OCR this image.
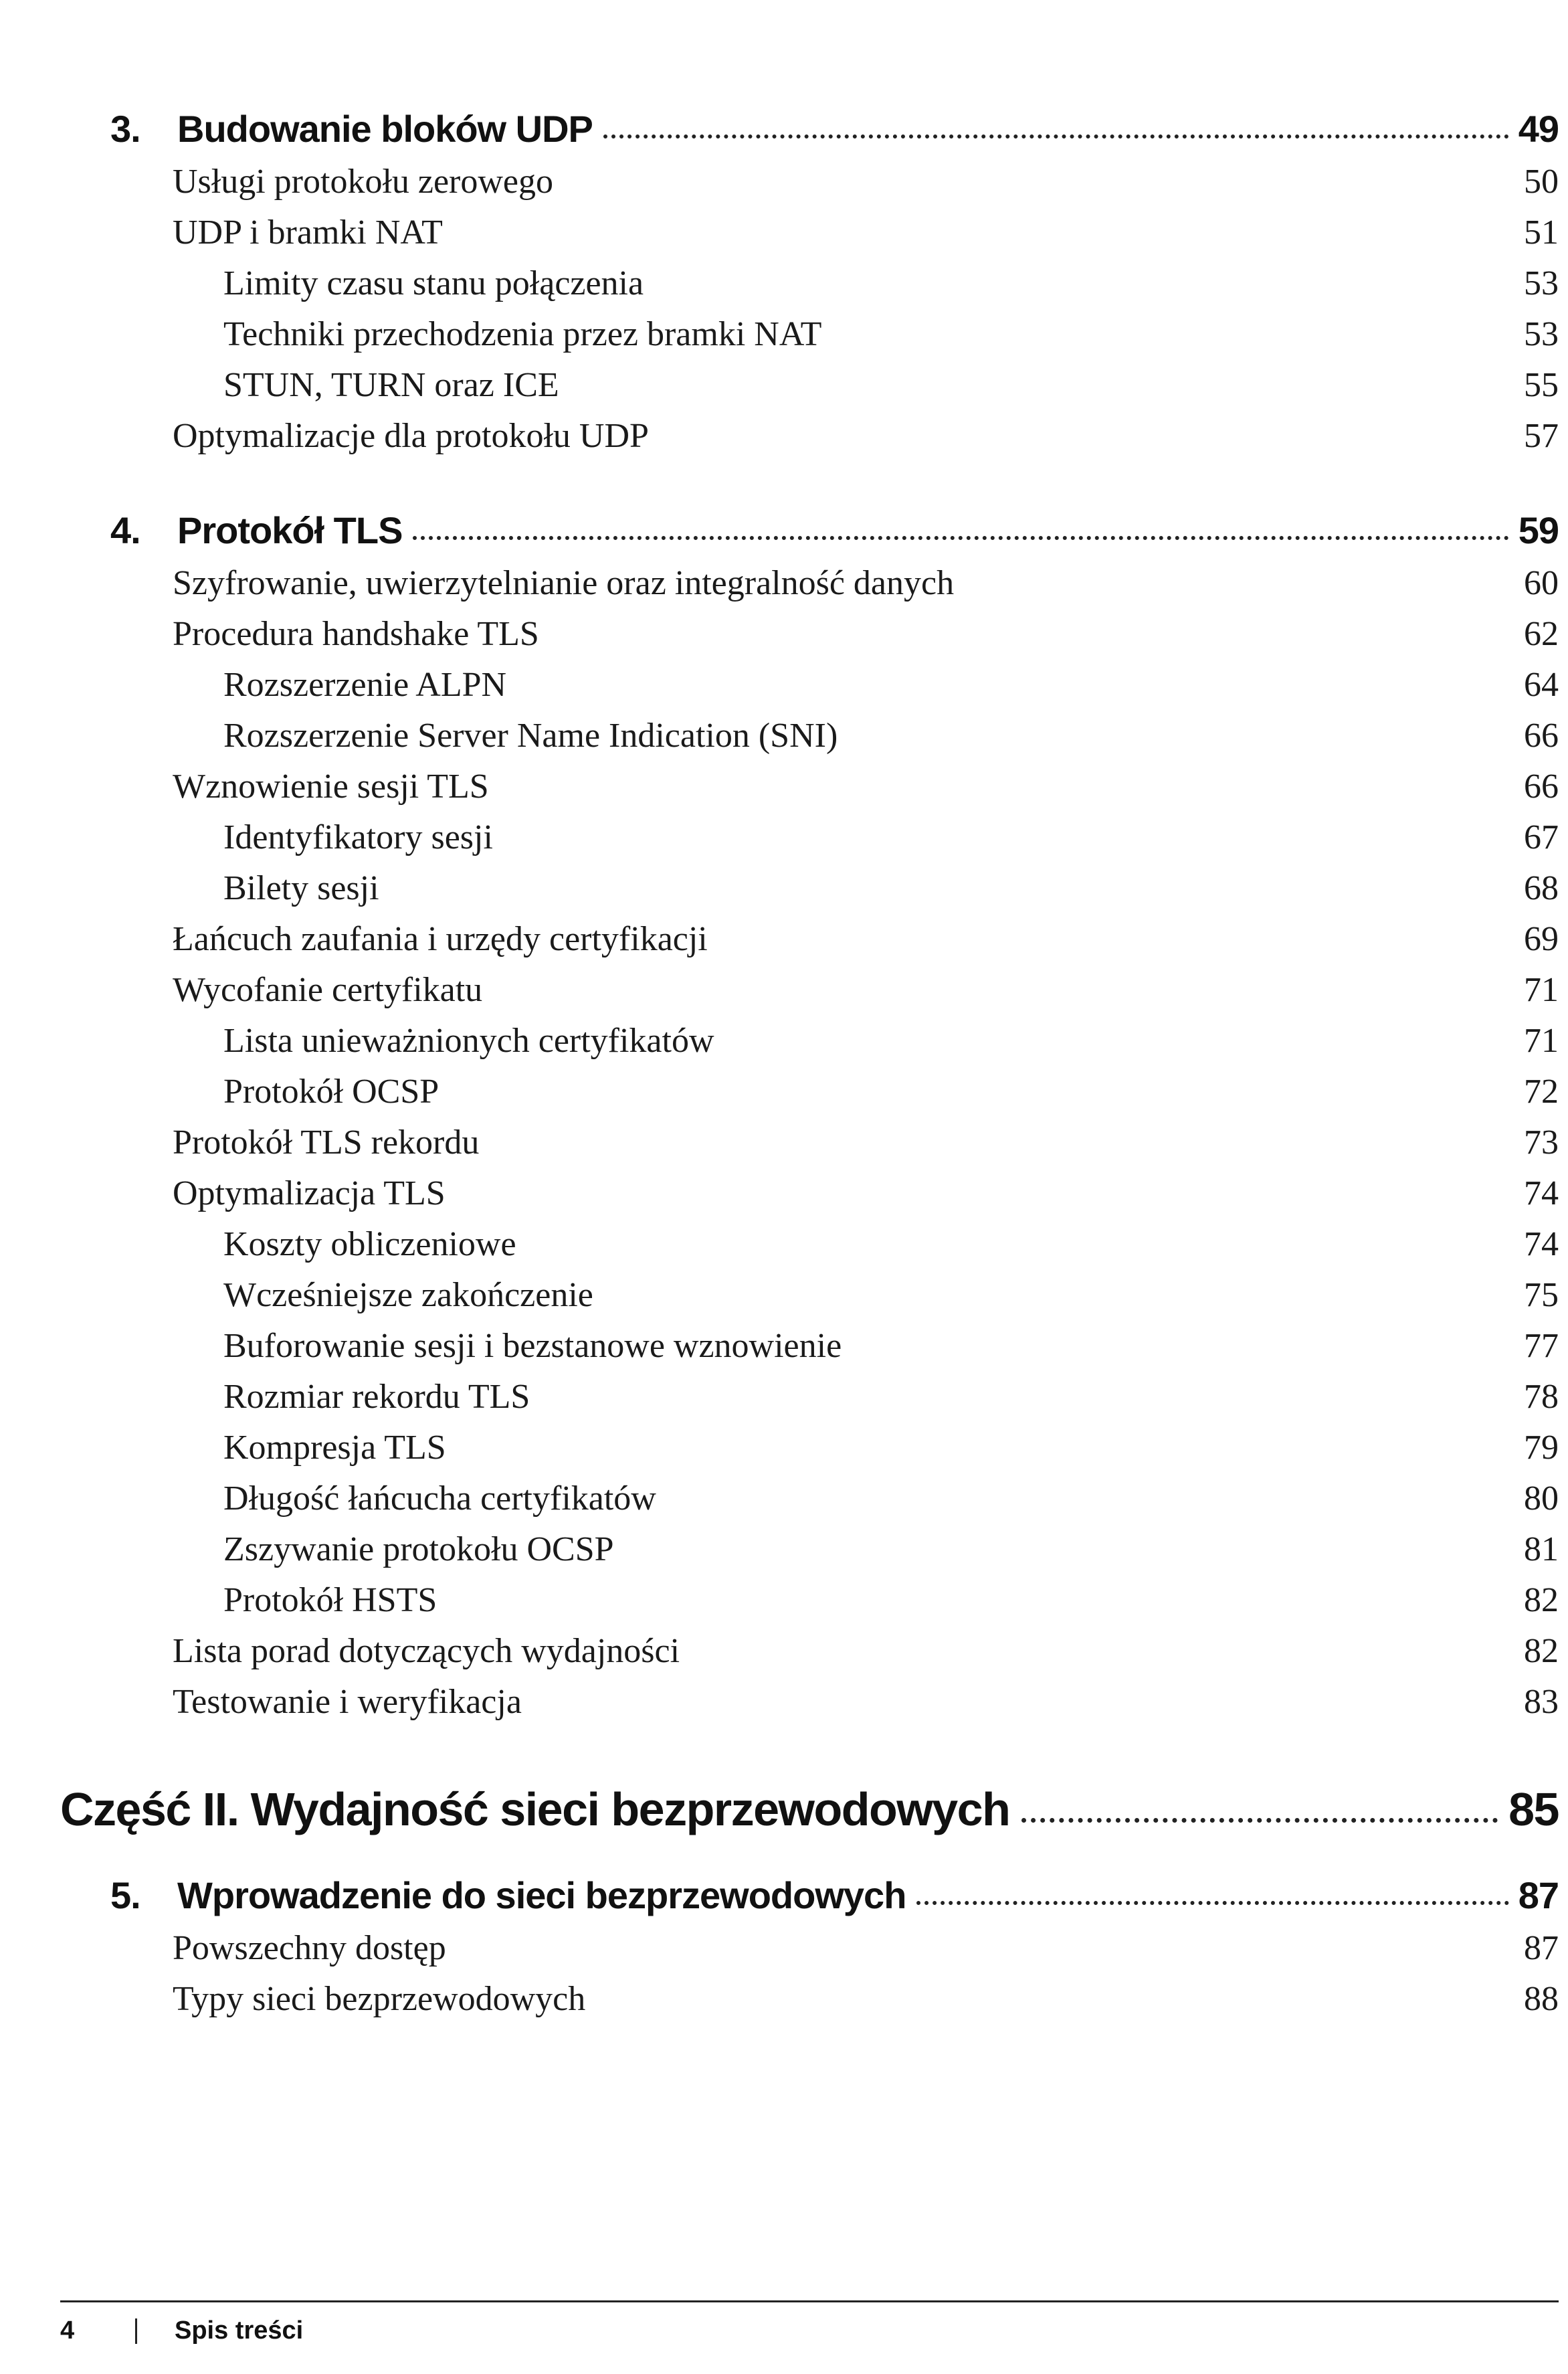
3. Budowanie bloków UDP	49
Usługi protokołu zerowego	50
UDP i bramki NAT	51
Limity czasu stanu połączenia	53
Techniki przechodzenia przez bramki NAT	53
STUN, TURN oraz ICE	55
Optymalizacje dla protokołu UDP	57
4. Protokół TLS	59
Szyfrowanie, uwierzytelnianie oraz integralność danych	60
Procedura handshake TLS	62
Rozszerzenie ALPN	64
Rozszerzenie Server Name Indication (SNI)	66
Wznowienie sesji TLS	66
Identyfikatory sesji	67
Bilety sesji	68
Łańcuch zaufania i urzędy certyfikacji	69
Wycofanie certyfikatu	71
Lista unieważnionych certyfikatów	71
Protokół OCSP	72
Protokół TLS rekordu	73
Optymalizacja TLS	74
Koszty obliczeniowe	74
Wcześniejsze zakończenie	75
Buforowanie sesji i bezstanowe wznowienie	77
Rozmiar rekordu TLS	78
Kompresja TLS	79
Długość łańcucha certyfikatów	80
Zszywanie protokołu OCSP	81
Protokół HSTS	82
Lista porad dotyczących wydajności	82
Testowanie i weryfikacja	83
Część II. Wydajność sieci bezprzewodowych	85
5. Wprowadzenie do sieci bezprzewodowych	87
Powszechny dostęp	87
Typy sieci bezprzewodowych	88
4	Spis treści
